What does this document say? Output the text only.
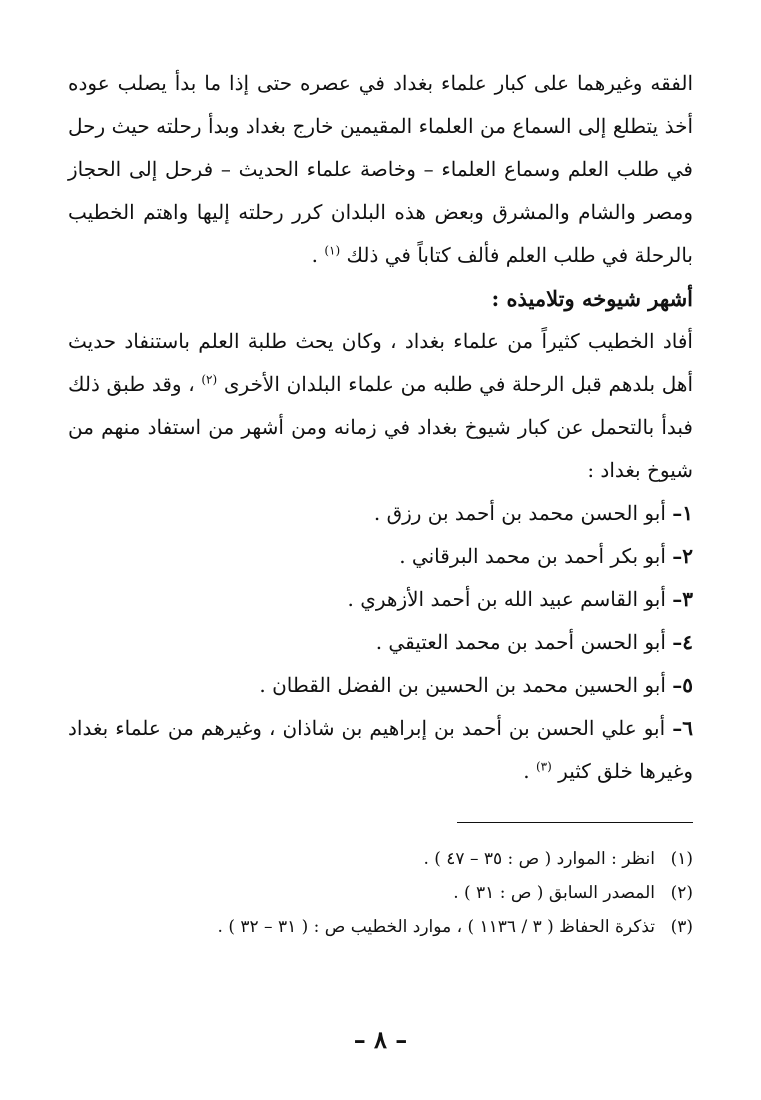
الفقه وغيرهما على كبار علماء بغداد في عصره حتى إذا ما بدأ يصلب عوده أخذ يتطلع إلى السماع من العلماء المقيمين خارج بغداد وبدأ رحلته حيث رحل في طلب العلم وسماع العلماء – وخاصة علماء الحديث – فرحل إلى الحجاز ومصر والشام والمشرق وبعض هذه البلدان كرر رحلته إليها واهتم الخطيب بالرحلة في طلب العلم فألف كتاباً في ذلك $^{(١)}$ .

أشهر شيوخه وتلاميذه :

أفاد الخطيب كثيراً من علماء بغداد ، وكان يحث طلبة العلم باستنفاد حديث أهل بلدهم قبل الرحلة في طلبه من علماء البلدان الأخرى $^{(٢)}$ ، وقد طبق ذلك فبدأ بالتحمل عن كبار شيوخ بغداد في زمانه ومن أشهر من استفاد منهم من شيوخ بغداد :

١– أبو الحسن محمد بن أحمد بن رزق .
٢– أبو بكر أحمد بن محمد البرقاني .
٣– أبو القاسم عبيد الله بن أحمد الأزهري .
٤– أبو الحسن أحمد بن محمد العتيقي .
٥– أبو الحسين محمد بن الحسين بن الفضل القطان .
٦– أبو علي الحسن بن أحمد بن إبراهيم بن شاذان ، وغيرهم من علماء بغداد وغيرها خلق كثير $^{(٣)}$ .

(١)انظر : الموارد ( ص : ٣٥ – ٤٧ ) .

(٢)المصدر السابق ( ص : ٣١ ) .

(٣)تذكرة الحفاظ ( ٣ / ١١٣٦ ) ، موارد الخطيب ص : ( ٣١ – ٣٢ ) .

– ٨ –
